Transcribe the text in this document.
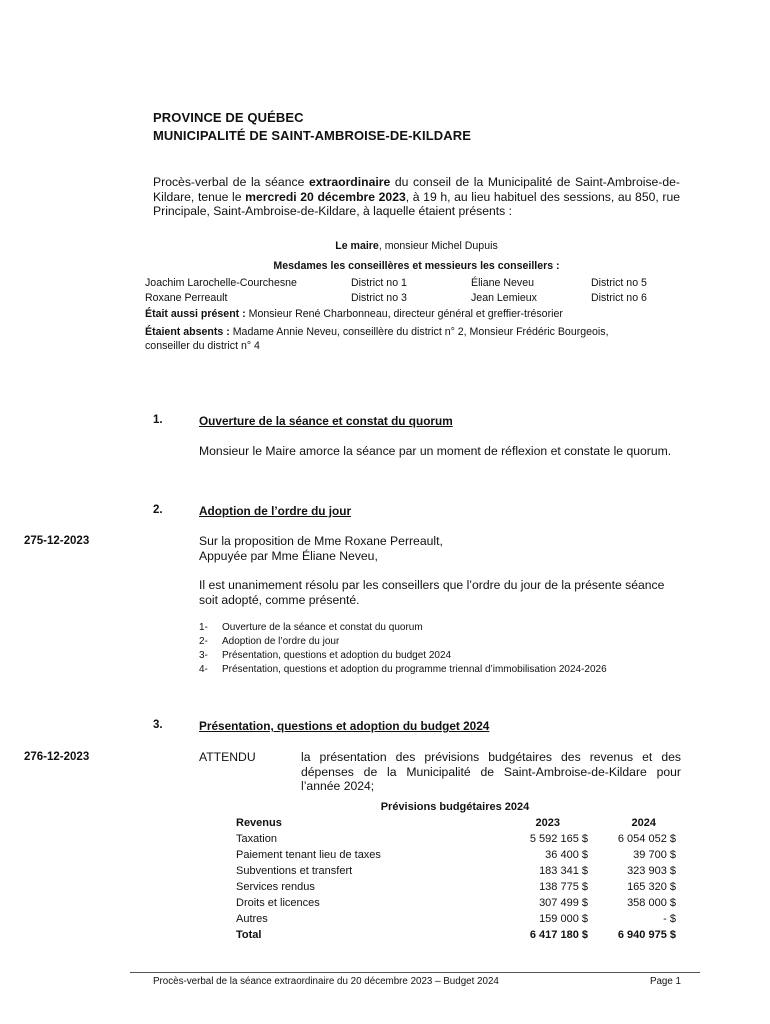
PROVINCE DE QUÉBEC
MUNICIPALITÉ DE SAINT-AMBROISE-DE-KILDARE

Procès-verbal de la séance extraordinaire du conseil de la Municipalité de Saint-Ambroise-de-Kildare, tenue le mercredi 20 décembre 2023, à 19 h, au lieu habituel des sessions, au 850, rue Principale, Saint-Ambroise-de-Kildare, à laquelle étaient présents :

Le maire, monsieur Michel Dupuis
Mesdames les conseillères et messieurs les conseillers :
Joachim Larochelle-Courchesne	District no 1	Éliane Neveu	District no 5
Roxane Perreault	District no 3	Jean Lemieux	District no 6
Était aussi présent : Monsieur René Charbonneau, directeur général et greffier-trésorier
Étaient absents : Madame Annie Neveu, conseillère du district n° 2, Monsieur Frédéric Bourgeois, conseiller du district n° 4
1.	Ouverture de la séance et constat du quorum

Monsieur le Maire amorce la séance par un moment de réflexion et constate le quorum.

2.	Adoption de l’ordre du jour
275-12-2023	Sur la proposition de Mme Roxane Perreault,
Appuyée par Mme Éliane Neveu,

Il est unanimement résolu par les conseillers que l’ordre du jour de la présente séance soit adopté, comme présenté.

1-	Ouverture de la séance et constat du quorum
2-	Adoption de l’ordre du jour
3-	Présentation, questions et adoption du budget 2024
4-	Présentation, questions et adoption du programme triennal d’immobilisation 2024-2026
3.	Présentation, questions et adoption du budget 2024
276-12-2023	ATTENDU	la présentation des prévisions budgétaires des revenus et des dépenses de la Municipalité de Saint-Ambroise-de-Kildare pour l’année 2024;

Prévisions budgétaires 2024
Revenus	2023	2024
Taxation	5 592 165 $	6 054 052 $
Paiement tenant lieu de taxes	36 400 $	39 700 $
Subventions et transfert	183 341 $	323 903 $
Services rendus	138 775 $	165 320 $
Droits et licences	307 499 $	358 000 $
Autres	159 000 $	- $
Total	6 417 180 $	6 940 975 $
Procès-verbal de la séance extraordinaire du 20 décembre 2023 – Budget 2024	Page 1
